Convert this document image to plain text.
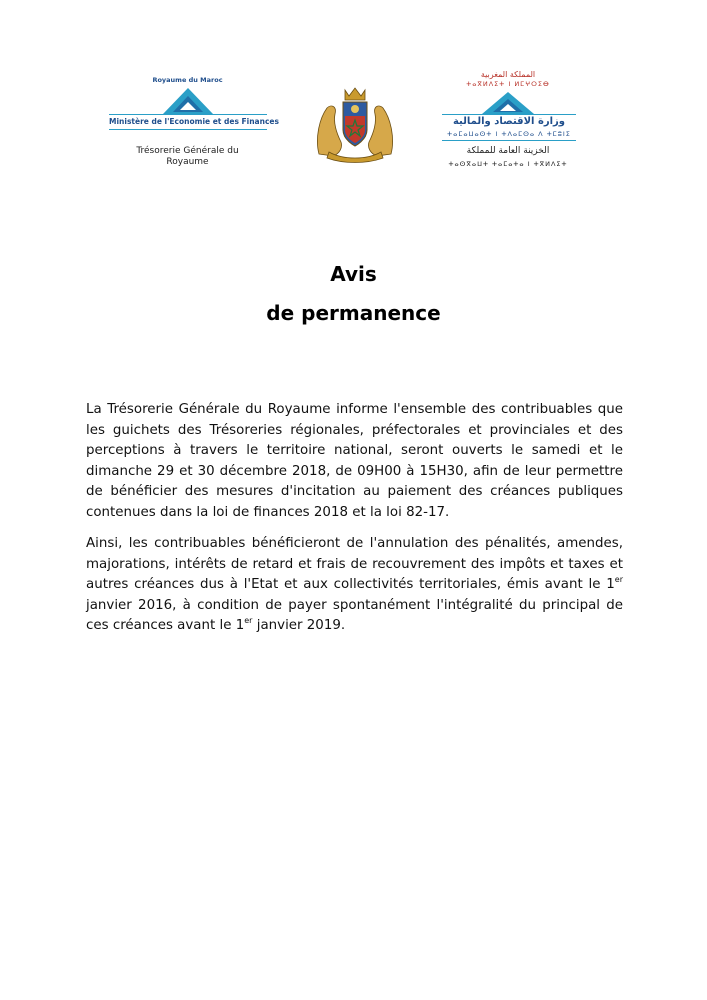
Royaume du Maroc
Ministère de l'Economie et des Finances
Trésorerie Générale du
Royaume
المملكة المغربية
ⵜⴰⴳⵍⴷⵉⵜ ⵏ ⵍⵎⵖⵔⵉⴱ
وزارة الاقتصاد والمالية
ⵜⴰⵎⴰⵡⴰⵙⵜ ⵏ ⵜⴷⴰⵎⵙⴰ ⴷ ⵜⵎⵓⵏⵉ
الخزينة العامة للمملكة
ⵜⴰⵙⴳⴰⵡⵜ ⵜⴰⵎⴰⵜⴰ ⵏ ⵜⴳⵍⴷⵉⵜ
Avis
de permanence
La Trésorerie Générale du Royaume informe l'ensemble des contribuables que les guichets des Trésoreries régionales, préfectorales et provinciales et des perceptions à travers le territoire national, seront ouverts le samedi et le dimanche 29 et 30 décembre 2018, de 09H00 à 15H30, afin de leur permettre de bénéficier des mesures d'incitation au paiement des créances publiques contenues dans la loi de finances 2018 et la loi 82-17.
Ainsi, les contribuables bénéficieront de l'annulation des pénalités, amendes, majorations, intérêts de retard et frais de recouvrement des impôts et taxes et autres créances dus à l'Etat et aux collectivités territoriales, émis avant le 1er janvier 2016, à condition de payer spontanément l'intégralité du principal de ces créances avant le 1er janvier 2019.
